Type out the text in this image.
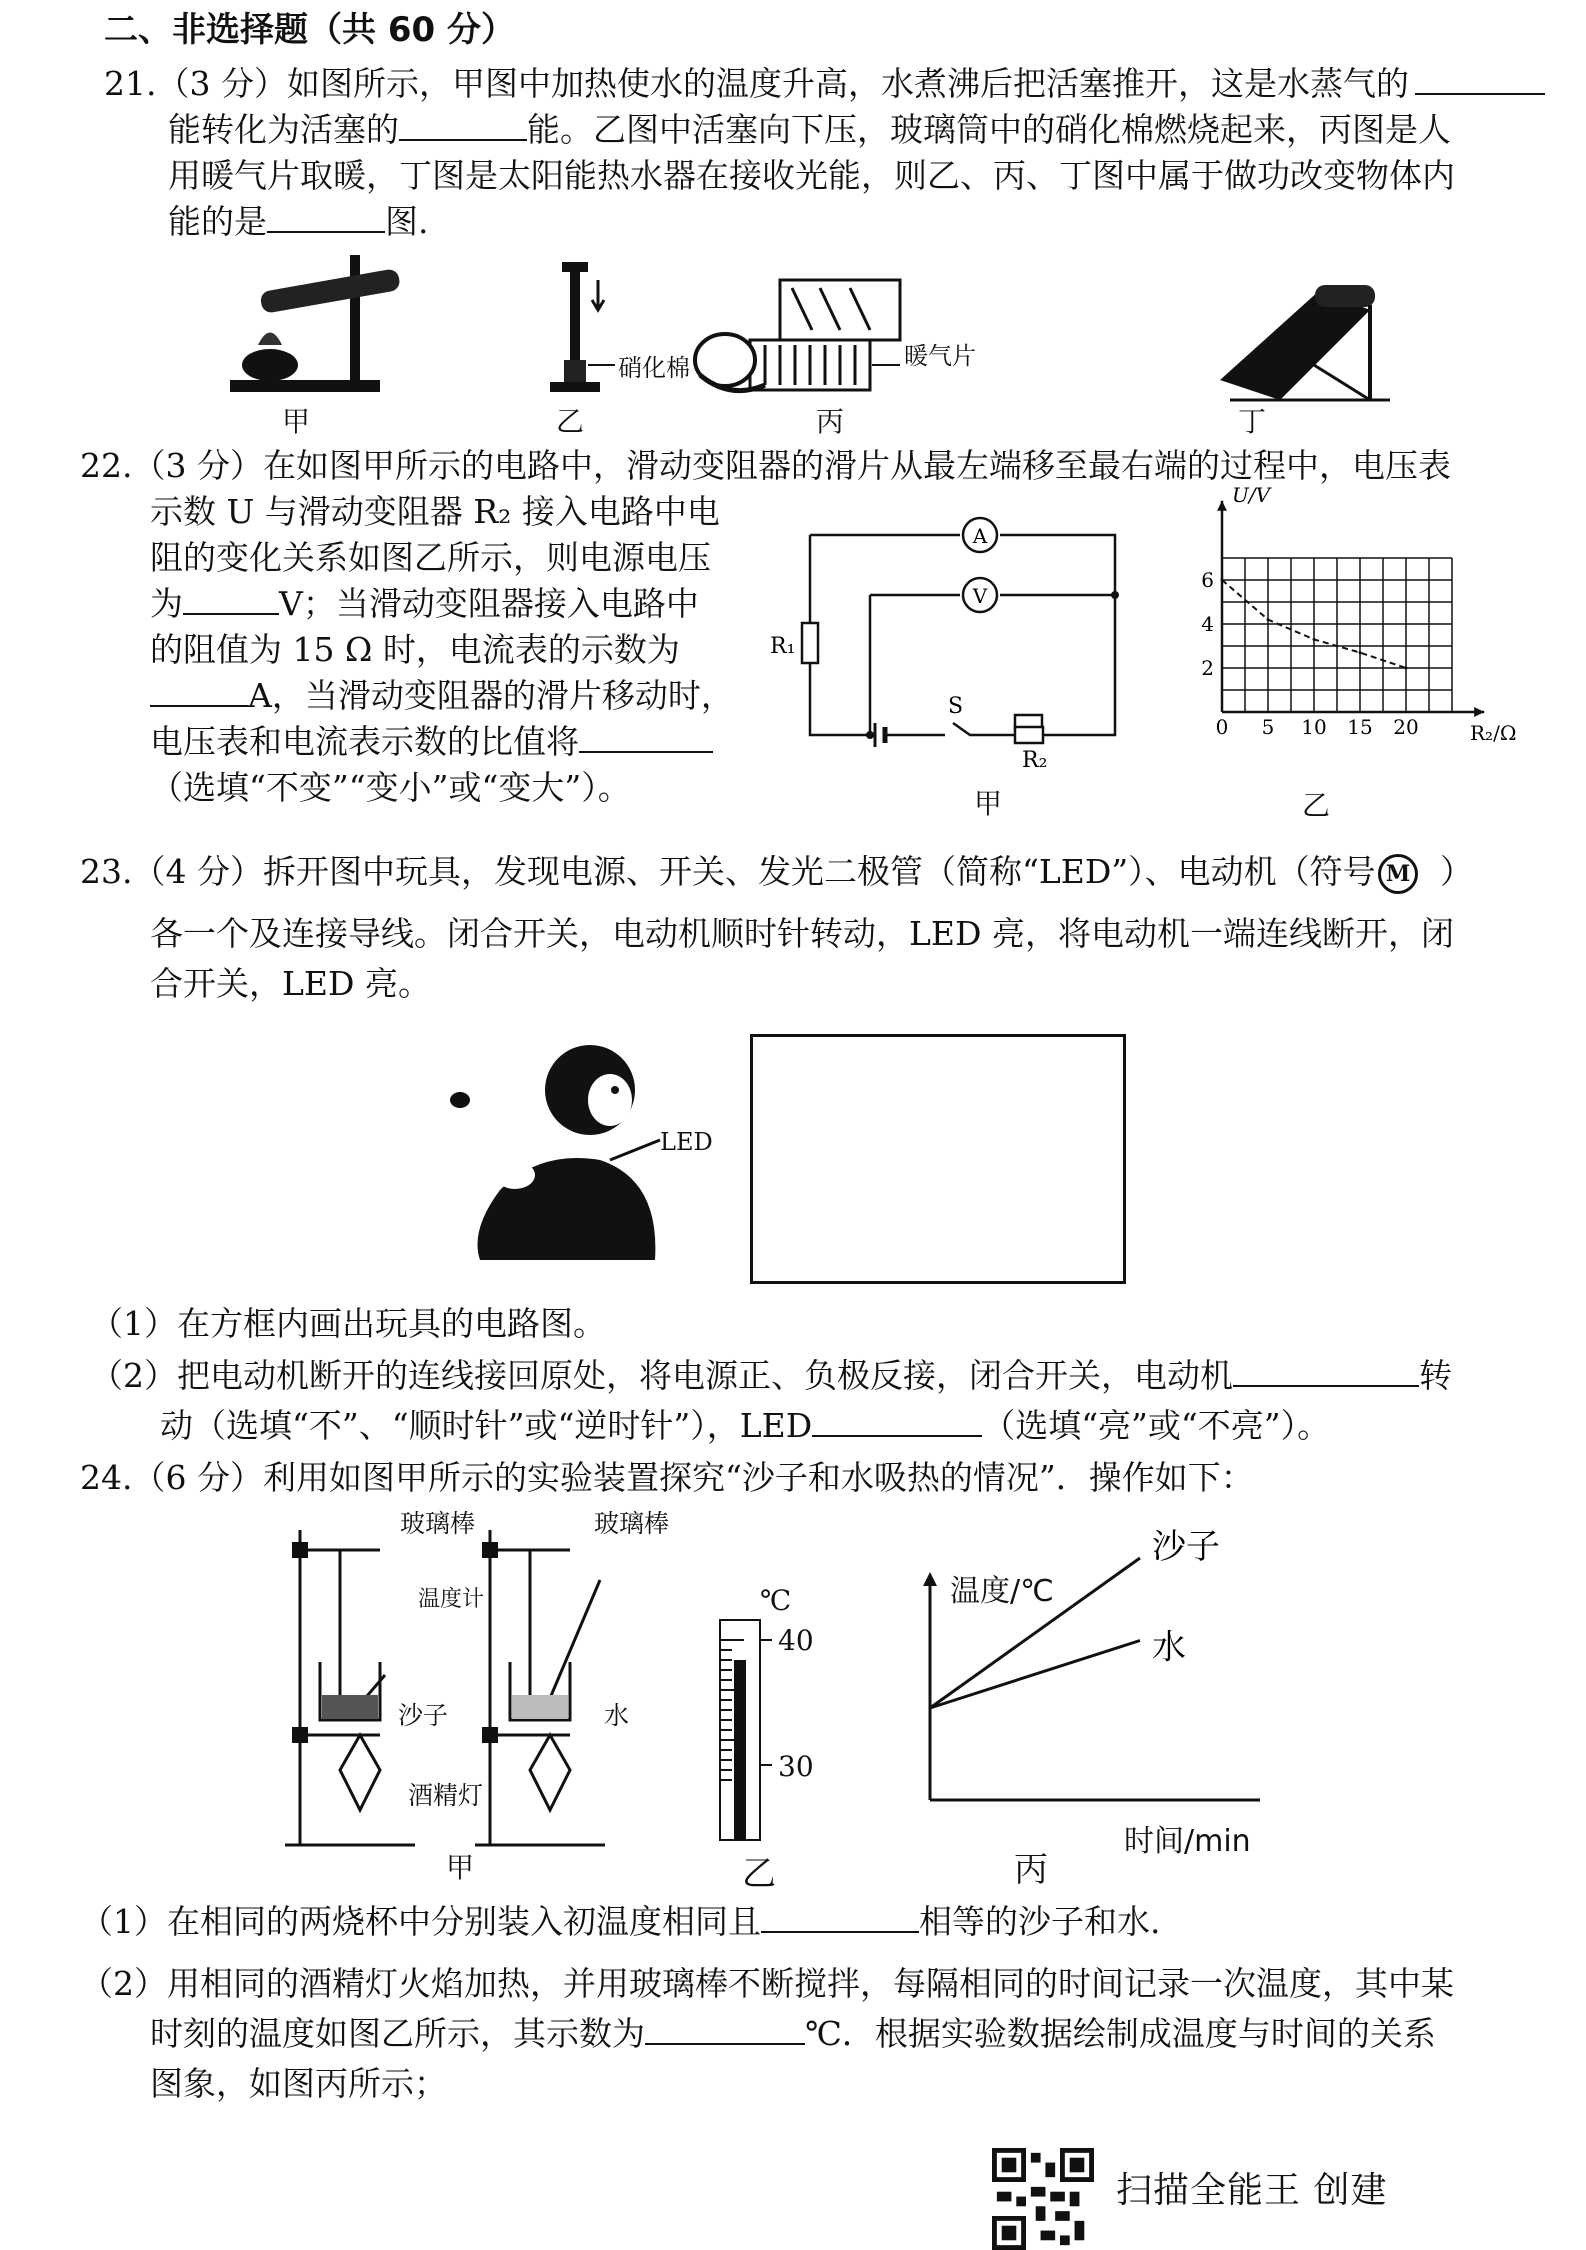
二、非选择题（共 60 分）
21.（3 分）如图所示，甲图中加热使水的温度升高，水煮沸后把活塞推开，这是水蒸气的
能转化为活塞的	能。乙图中活塞向下压，玻璃筒中的硝化棉燃烧起来，丙图是人
用暖气片取暖，丁图是太阳能热水器在接收光能，则乙、丙、丁图中属于做功改变物体内
能的是	图.
硝化棉	暖气片
甲	乙	丙	丁
22.（3 分）在如图甲所示的电路中，滑动变阻器的滑片从最左端移至最右端的过程中，电压表
示数 U 与滑动变阻器 R₂ 接入电路中电
阻的变化关系如图乙所示，则电源电压
为	V；当滑动变阻器接入电路中
的阻值为 15 Ω 时，电流表的示数为
A，当滑动变阻器的滑片移动时，
电压表和电流表示数的比值将
（选填“不变”“变小”或“变大”）。
A
V
R₁
S
R₂
甲
0 5 10 15 20
2
4
6
U/V
R₂/Ω
乙
23.（4 分）拆开图中玩具，发现电源、开关、发光二极管（简称“LED”）、电动机（符号 M ）
各一个及连接导线。闭合开关，电动机顺时针转动，LED 亮，将电动机一端连线断开，闭
合开关，LED 亮。
LED
（1）在方框内画出玩具的电路图。
（2）把电动机断开的连线接回原处，将电源正、负极反接，闭合开关，电动机	转
动（选填“不”、“顺时针”或“逆时针”），LED	（选填“亮”或“不亮”）。
24.（6 分）利用如图甲所示的实验装置探究“沙子和水吸热的情况”．操作如下：
玻璃棒	玻璃棒
温度计
沙子	水
酒精灯
甲
℃
40
30
乙
沙子
水
时间/min
温度/℃
丙
（1）在相同的两烧杯中分别装入初温度相同且	相等的沙子和水.
（2）用相同的酒精灯火焰加热，并用玻璃棒不断搅拌，每隔相同的时间记录一次温度，其中某
时刻的温度如图乙所示，其示数为	℃．根据实验数据绘制成温度与时间的关系
图象，如图丙所示；
扫描全能王 创建
